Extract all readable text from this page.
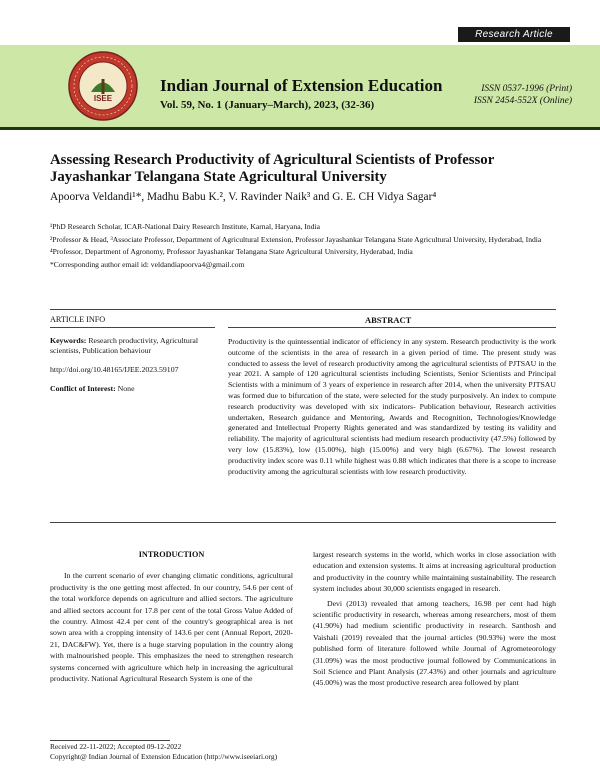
Research Article
ISEE
Indian Journal of Extension Education
Vol. 59, No. 1 (January–March), 2023, (32-36)
ISSN 0537-1996 (Print)
ISSN 2454-552X (Online)
Assessing Research Productivity of Agricultural Scientists of Professor Jayashankar Telangana State Agricultural University
Apoorva Veldandi¹*, Madhu Babu K.², V. Ravinder Naik³ and G. E. CH Vidya Sagar⁴
¹PhD Research Scholar, ICAR-National Dairy Research Institute, Karnal, Haryana, India
²Professor & Head, ³Associate Professor, Department of Agricultural Extension, Professor Jayashankar Telangana State Agricultural University, Hyderabad, India
⁴Professor, Department of Agronomy, Professor Jayashankar Telangana State Agricultural University, Hyderabad, India
*Corresponding author email id: veldandiapoorva4@gmail.com
ARTICLE INFO
Keywords: Research productivity, Agricultural scientists, Publication behaviour
http://doi.org/10.48165/IJEE.2023.59107
Conflict of Interest: None
ABSTRACT
Productivity is the quintessential indicator of efficiency in any system. Research productivity is the work outcome of the scientists in the area of research in a given period of time. The present study was conducted to assess the level of research productivity among the agricultural scientists of PJTSAU in the year 2021. A sample of 120 agricultural scientists including Scientists, Senior Scientists and Principal Scientists with a minimum of 3 years of experience in research after 2014, when the university PJTSAU was formed due to bifurcation of the state, were selected for the study purposively. An index to compute research productivity was developed with six indicators- Publication behaviour, Research activities undertaken, Research guidance and Mentoring, Awards and Recognition, Technologies/Knowledge generated and Intellectual Property Rights generated and was standardized by testing its validity and reliability. The majority of agricultural scientists had medium research productivity (47.5%) followed by very low (15.83%), low (15.00%), high (15.00%) and very high (6.67%). The lowest research productivity index score was 0.11 while highest was 0.88 which indicates that there is a scope to increase productivity among the agricultural scientists with low research productivity.

INTRODUCTION

In the current scenario of ever changing climatic conditions, agricultural productivity is the one getting most affected. In our country, 54.6 per cent of the total workforce depends on agriculture and allied sectors. The agriculture and allied sectors account for 17.8 per cent of the total Gross Value Added of the country. Almost 42.4 per cent of the country's geographical area is net sown area with a cropping intensity of 143.6 per cent (Annual Report, 2020-21, DAC&FW). Yet, there is a huge starving population in the country along with malnourished people. This emphasizes the need to strengthen research systems concerned with agriculture which help in increasing the agricultural productivity. National Agricultural Research System is one of the

largest research systems in the world, which works in close association with education and extension systems. It aims at increasing agricultural production and productivity in the country while maintaining sustainability. The research system includes about 30,000 scientists engaged in research.

Devi (2013) revealed that among teachers, 16.98 per cent had high scientific productivity in research, whereas among researchers, most of them (41.90%) had medium scientific productivity in research. Santhosh and Vaishali (2019) revealed that the journal articles (90.93%) were the most published form of literature followed while Journal of Agrometeorology (31.09%) was the most productive journal followed by Communications in Soil Science and Plant Analysis (27.43%) and other journals and agriculture (45.00%) was the most productive research area followed by plant

Received 22-11-2022; Accepted 09-12-2022
Copyright@ Indian Journal of Extension Education (http://www.iseeiari.org)
